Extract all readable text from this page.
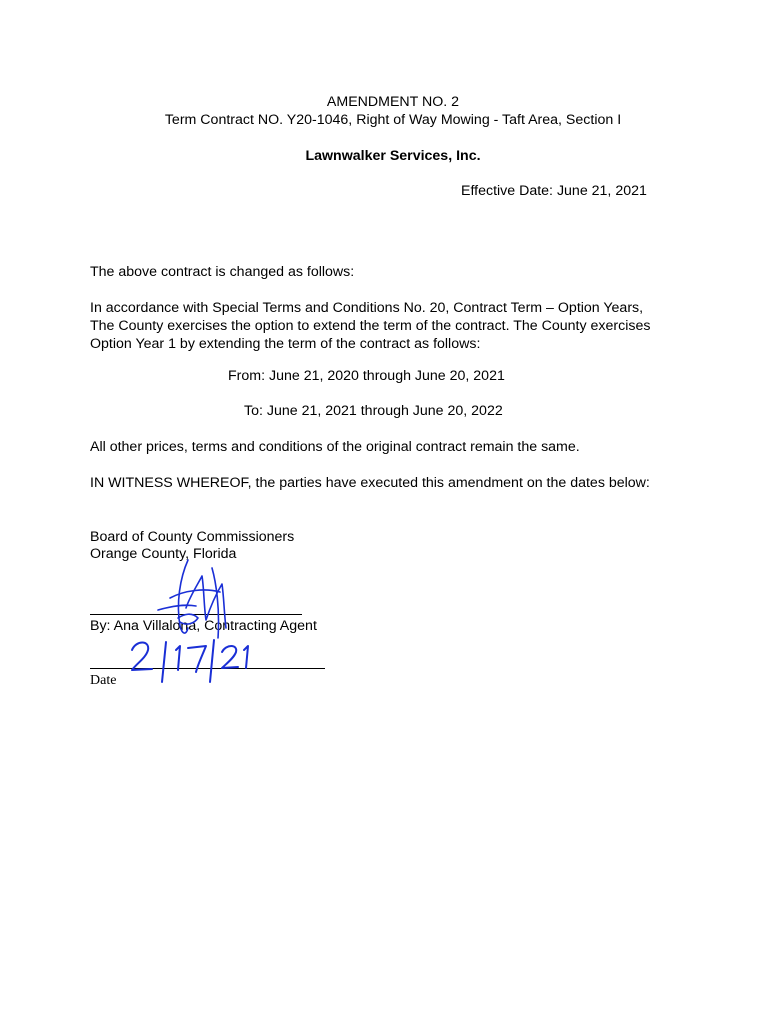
AMENDMENT NO. 2
Term Contract NO. Y20-1046, Right of Way Mowing - Taft Area, Section I
Lawnwalker Services, Inc.
Effective Date: June 21, 2021
The above contract is changed as follows:
In accordance with Special Terms and Conditions No. 20, Contract Term – Option Years,
The County exercises the option to extend the term of the contract. The County exercises
Option Year 1 by extending the term of the contract as follows:
From: June 21, 2020 through June 20, 2021
To: June 21, 2021 through June 20, 2022
All other prices, terms and conditions of the original contract remain the same.
IN WITNESS WHEREOF, the parties have executed this amendment on the dates below:
Board of County Commissioners
Orange County, Florida
By: Ana Villalona, Contracting Agent
Date
